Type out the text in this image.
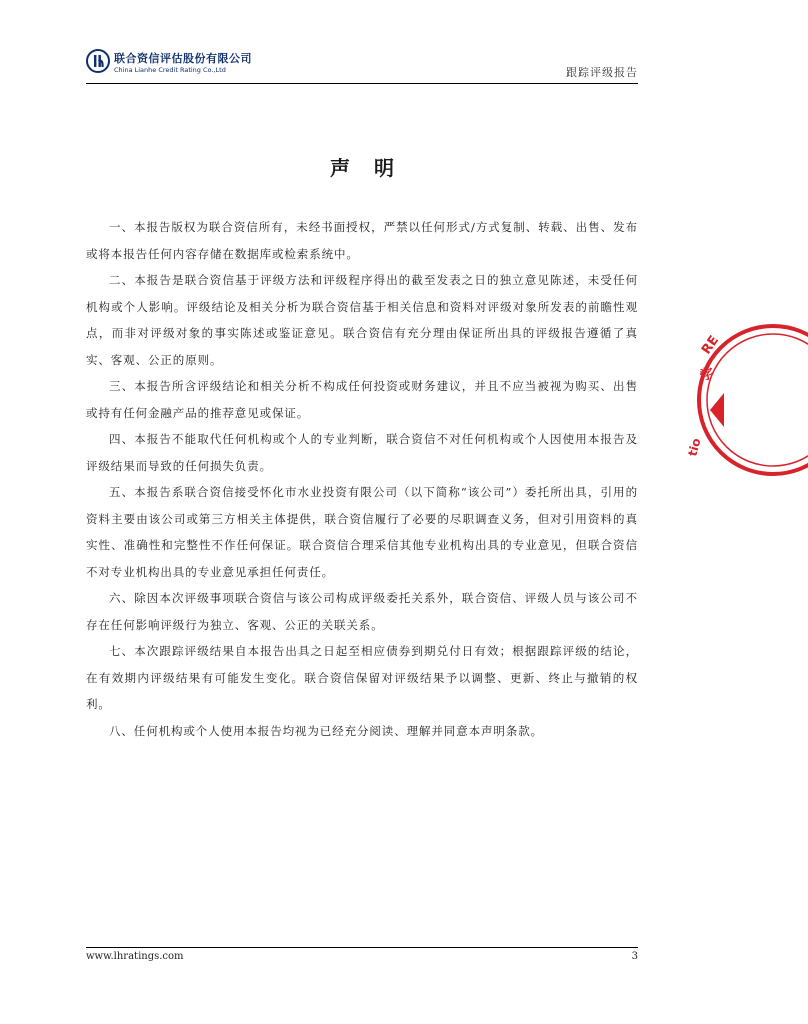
联合资信评估股份有限公司
China Lianhe Credit Rating Co.,Ltd	跟踪评级报告
声明

一、本报告版权为联合资信所有，未经书面授权，严禁以任何形式/方式复制、转载、出售、发布或将本报告任何内容存储在数据库或检索系统中。

二、本报告是联合资信基于评级方法和评级程序得出的截至发表之日的独立意见陈述，未受任何机构或个人影响。评级结论及相关分析为联合资信基于相关信息和资料对评级对象所发表的前瞻性观点，而非对评级对象的事实陈述或鉴证意见。联合资信有充分理由保证所出具的评级报告遵循了真实、客观、公正的原则。

三、本报告所含评级结论和相关分析不构成任何投资或财务建议，并且不应当被视为购买、出售或持有任何金融产品的推荐意见或保证。

四、本报告不能取代任何机构或个人的专业判断，联合资信不对任何机构或个人因使用本报告及评级结果而导致的任何损失负责。

五、本报告系联合资信接受怀化市水业投资有限公司（以下简称“该公司”）委托所出具，引用的资料主要由该公司或第三方相关主体提供，联合资信履行了必要的尽职调查义务，但对引用资料的真实性、准确性和完整性不作任何保证。联合资信合理采信其他专业机构出具的专业意见，但联合资信不对专业机构出具的专业意见承担任何责任。

六、除因本次评级事项联合资信与该公司构成评级委托关系外，联合资信、评级人员与该公司不存在任何影响评级行为独立、客观、公正的关联关系。

七、本次跟踪评级结果自本报告出具之日起至相应债券到期兑付日有效；根据跟踪评级的结论，在有效期内评级结果有可能发生变化。联合资信保留对评级结果予以调整、更新、终止与撤销的权利。

八、任何机构或个人使用本报告均视为已经充分阅读、理解并同意本声明条款。

RE
学
tio
www.lhratings.com	3
